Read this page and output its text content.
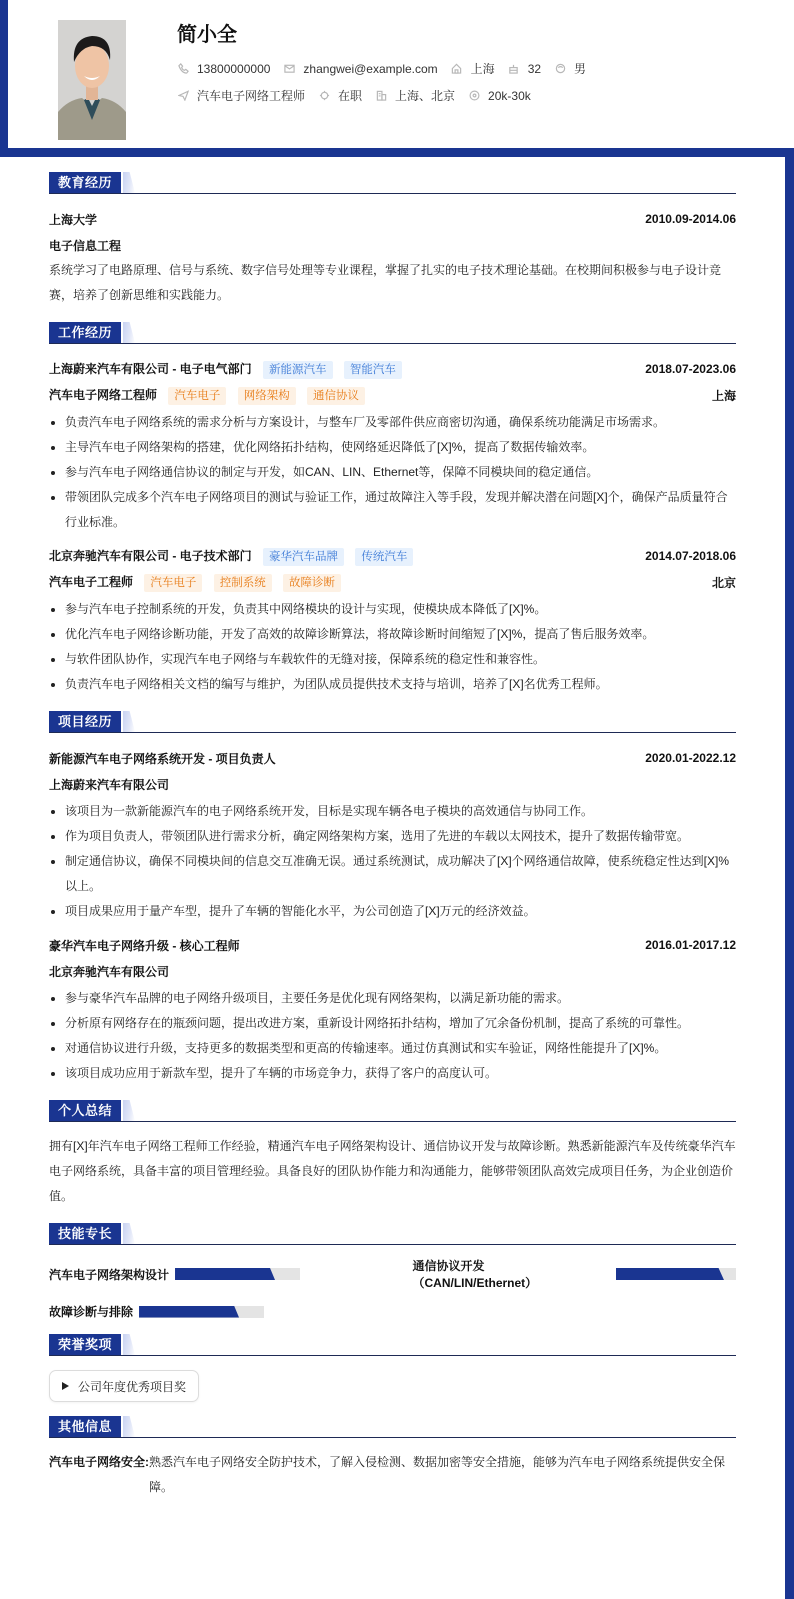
简小全
13800000000	zhangwei@example.com	上海	32	男
汽车电子网络工程师	在职	上海、北京	20k-30k
教育经历
上海大学	2010.09-2014.06
电子信息工程

系统学习了电路原理、信号与系统、数字信号处理等专业课程，掌握了扎实的电子技术理论基础。在校期间积极参与电子设计竞赛，培养了创新思维和实践能力。

工作经历
上海蔚来汽车有限公司 - 电子电气部门 新能源汽车 智能汽车	2018.07-2023.06
汽车电子网络工程师 汽车电子 网络架构 通信协议	上海
负责汽车电子网络系统的需求分析与方案设计，与整车厂及零部件供应商密切沟通，确保系统功能满足市场需求。
主导汽车电子网络架构的搭建，优化网络拓扑结构，使网络延迟降低了[X]%，提高了数据传输效率。
参与汽车电子网络通信协议的制定与开发，如CAN、LIN、Ethernet等，保障不同模块间的稳定通信。
带领团队完成多个汽车电子网络项目的测试与验证工作，通过故障注入等手段，发现并解决潜在问题[X]个，确保产品质量符合行业标准。
北京奔驰汽车有限公司 - 电子技术部门 豪华汽车品牌 传统汽车	2014.07-2018.06
汽车电子工程师 汽车电子 控制系统 故障诊断	北京
参与汽车电子控制系统的开发，负责其中网络模块的设计与实现，使模块成本降低了[X]%。
优化汽车电子网络诊断功能，开发了高效的故障诊断算法，将故障诊断时间缩短了[X]%，提高了售后服务效率。
与软件团队协作，实现汽车电子网络与车载软件的无缝对接，保障系统的稳定性和兼容性。
负责汽车电子网络相关文档的编写与维护，为团队成员提供技术支持与培训，培养了[X]名优秀工程师。
项目经历
新能源汽车电子网络系统开发 - 项目负责人	2020.01-2022.12
上海蔚来汽车有限公司
该项目为一款新能源汽车的电子网络系统开发，目标是实现车辆各电子模块的高效通信与协同工作。
作为项目负责人，带领团队进行需求分析，确定网络架构方案，选用了先进的车载以太网技术，提升了数据传输带宽。
制定通信协议，确保不同模块间的信息交互准确无误。通过系统测试，成功解决了[X]个网络通信故障，使系统稳定性达到[X]%以上。
项目成果应用于量产车型，提升了车辆的智能化水平，为公司创造了[X]万元的经济效益。
豪华汽车电子网络升级 - 核心工程师	2016.01-2017.12
北京奔驰汽车有限公司
参与豪华汽车品牌的电子网络升级项目，主要任务是优化现有网络架构，以满足新功能的需求。
分析原有网络存在的瓶颈问题，提出改进方案，重新设计网络拓扑结构，增加了冗余备份机制，提高了系统的可靠性。
对通信协议进行升级，支持更多的数据类型和更高的传输速率。通过仿真测试和实车验证，网络性能提升了[X]%。
该项目成功应用于新款车型，提升了车辆的市场竞争力，获得了客户的高度认可。
个人总结

拥有[X]年汽车电子网络工程师工作经验，精通汽车电子网络架构设计、通信协议开发与故障诊断。熟悉新能源汽车及传统豪华汽车电子网络系统，具备丰富的项目管理经验。具备良好的团队协作能力和沟通能力，能够带领团队高效完成项目任务，为企业创造价值。

技能专长
汽车电子网络架构设计
通信协议开发（CAN/LIN/Ethernet）
故障诊断与排除
荣誉奖项
公司年度优秀项目奖
其他信息
汽车电子网络安全: 熟悉汽车电子网络安全防护技术，了解入侵检测、数据加密等安全措施，能够为汽车电子网络系统提供安全保障。
